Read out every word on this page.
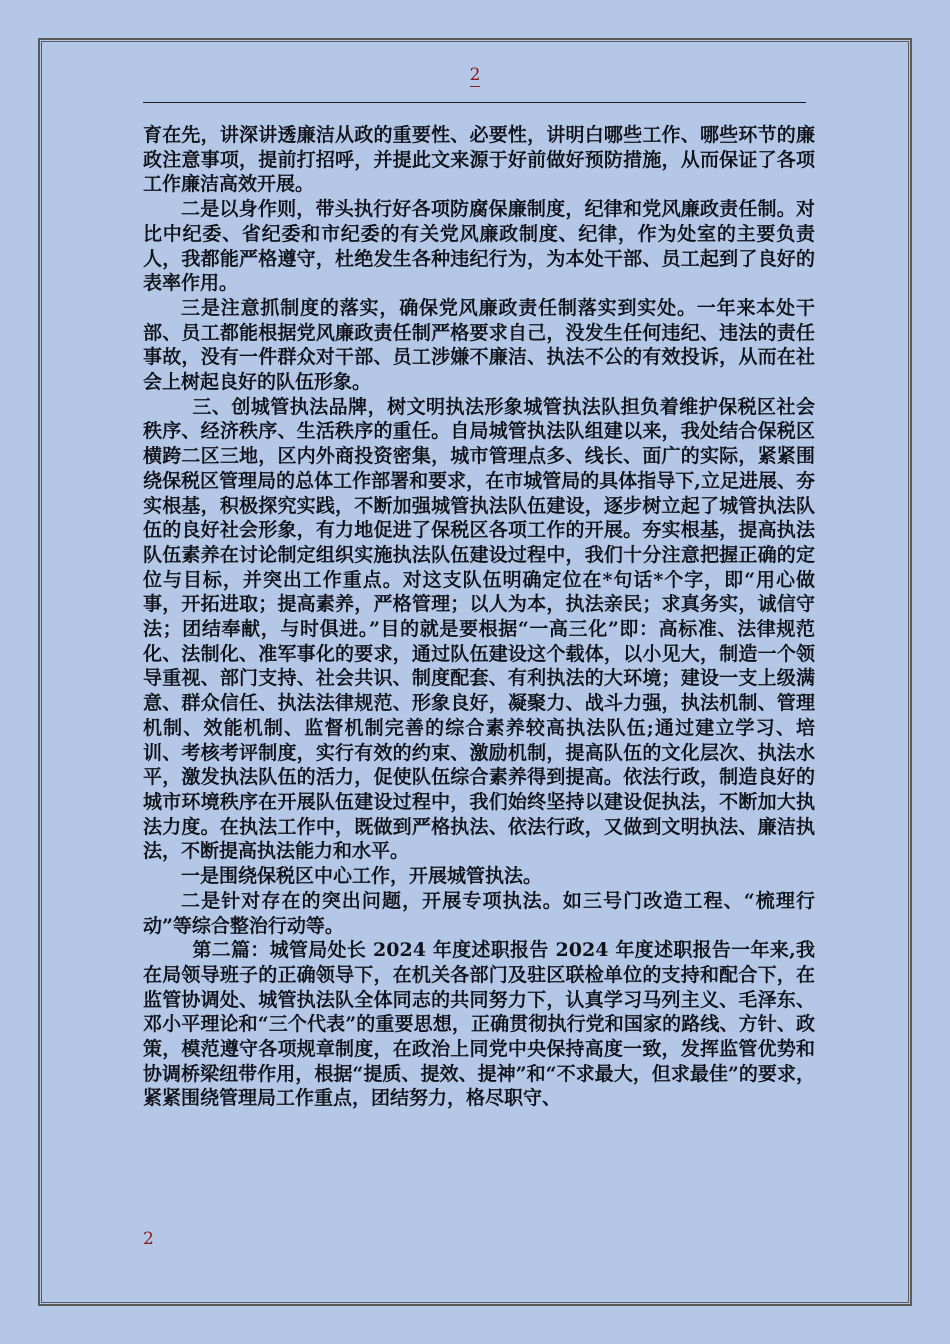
2

育在先，讲深讲透廉洁从政的重要性、必要性，讲明白哪些工作、哪些环节的廉政注意事项，提前打招呼，并提此文来源于好前做好预防措施，从而保证了各项工作廉洁高效开展。

二是以身作则，带头执行好各项防腐保廉制度，纪律和党风廉政责任制。对比中纪委、省纪委和市纪委的有关党风廉政制度、纪律，作为处室的主要负责人，我都能严格遵守，杜绝发生各种违纪行为，为本处干部、员工起到了良好的表率作用。

三是注意抓制度的落实，确保党风廉政责任制落实到实处。一年来本处干部、员工都能根据党风廉政责任制严格要求自己，没发生任何违纪、违法的责任事故，没有一件群众对干部、员工涉嫌不廉洁、执法不公的有效投诉，从而在社会上树起良好的队伍形象。

三、创城管执法品牌，树文明执法形象城管执法队担负着维护保税区社会秩序、经济秩序、生活秩序的重任。自局城管执法队组建以来，我处结合保税区横跨二区三地，区内外商投资密集，城市管理点多、线长、面广的实际，紧紧围绕保税区管理局的总体工作部署和要求，在市城管局的具体指导下,立足进展、夯实根基，积极探究实践，不断加强城管执法队伍建设，逐步树立起了城管执法队伍的良好社会形象，有力地促进了保税区各项工作的开展。夯实根基，提高执法队伍素养在讨论制定组织实施执法队伍建设过程中，我们十分注意把握正确的定位与目标，并突出工作重点。对这支队伍明确定位在*句话*个字，即“用心做事，开拓进取；提高素养，严格管理；以人为本，执法亲民；求真务实，诚信守法；团结奉献，与时俱进。”目的就是要根据“一高三化”即：高标准、法律规范化、法制化、准军事化的要求，通过队伍建设这个载体，以小见大，制造一个领导重视、部门支持、社会共识、制度配套、有利执法的大环境；建设一支上级满意、群众信任、执法法律规范、形象良好，凝聚力、战斗力强，执法机制、管理机制、效能机制、监督机制完善的综合素养较高执法队伍;通过建立学习、培训、考核考评制度，实行有效的约束、激励机制，提高队伍的文化层次、执法水平，激发执法队伍的活力，促使队伍综合素养得到提高。依法行政，制造良好的城市环境秩序在开展队伍建设过程中，我们始终坚持以建设促执法，不断加大执法力度。在执法工作中，既做到严格执法、依法行政，又做到文明执法、廉洁执法，不断提高执法能力和水平。

一是围绕保税区中心工作，开展城管执法。

二是针对存在的突出问题，开展专项执法。如三号门改造工程、“梳理行动”等综合整治行动等。

第二篇：城管局处长 2024 年度述职报告 2024 年度述职报告一年来,我在局领导班子的正确领导下，在机关各部门及驻区联检单位的支持和配合下，在监管协调处、城管执法队全体同志的共同努力下，认真学习马列主义、毛泽东、邓小平理论和“三个代表”的重要思想，正确贯彻执行党和国家的路线、方针、政策，模范遵守各项规章制度，在政治上同党中央保持高度一致，发挥监管优势和协调桥梁纽带作用，根据“提质、提效、提神”和“不求最大，但求最佳”的要求，紧紧围绕管理局工作重点，团结努力，格尽职守、

2
